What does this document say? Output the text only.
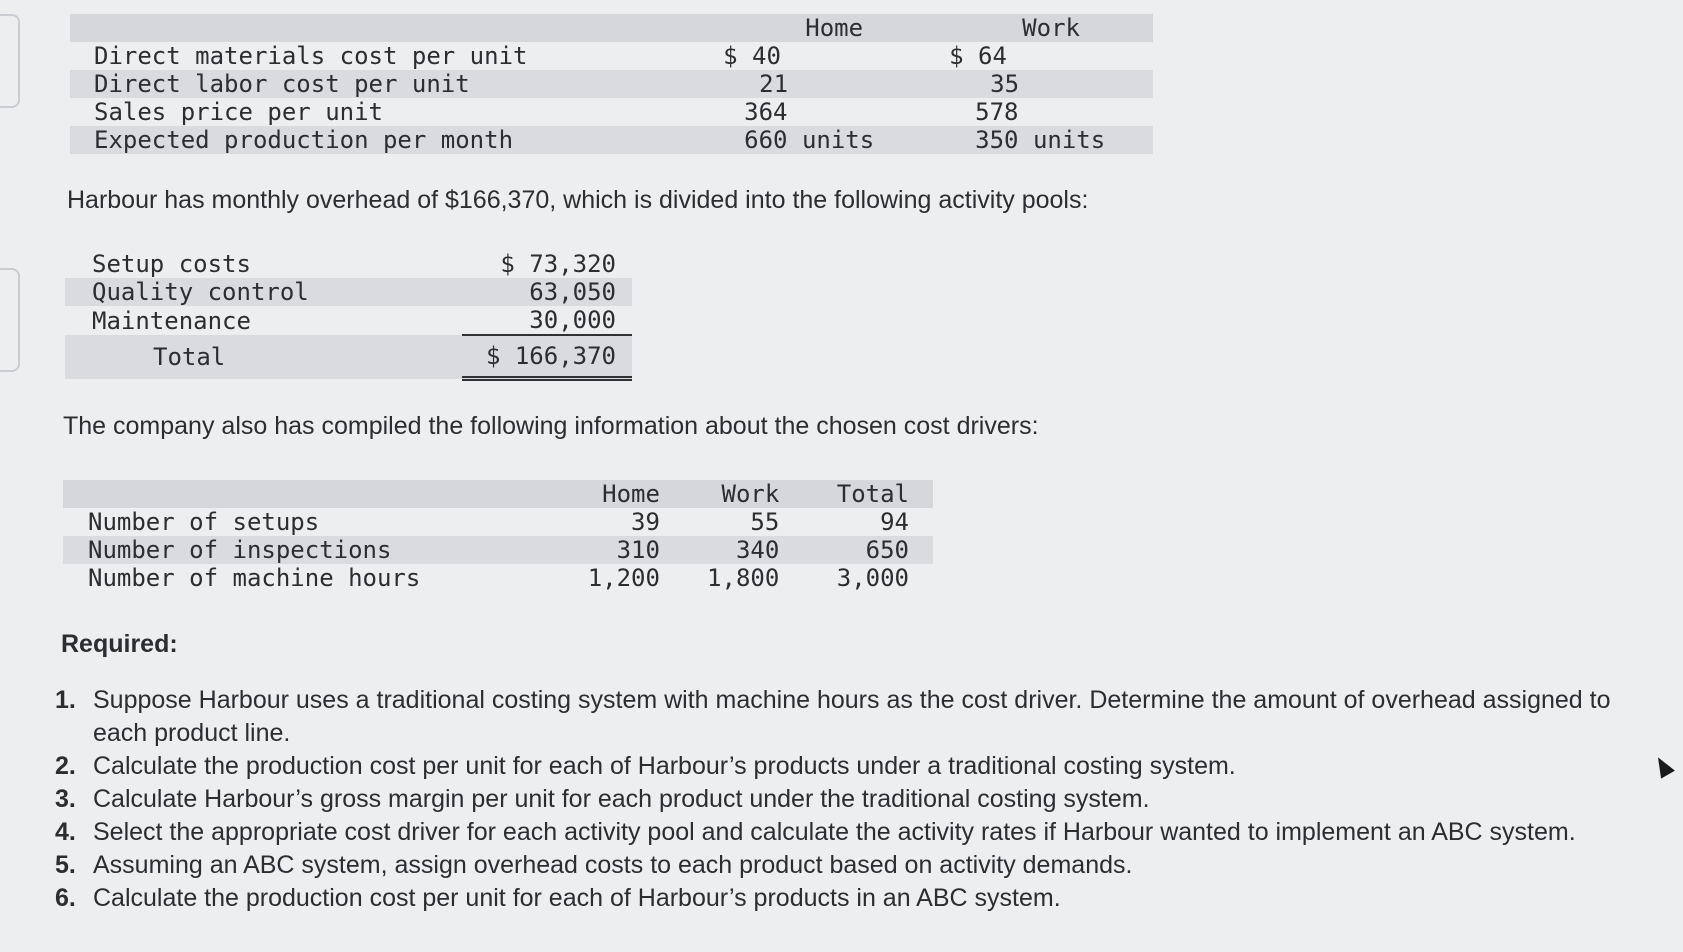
	Home	Work
Direct materials cost per unit	$ 40	$ 64
Direct labor cost per unit	21	35
Sales price per unit	364	578
Expected production per month	660 units	350 units
Harbour has monthly overhead of $166,370, which is divided into the following activity pools:
Setup costs	$ 73,320
Quality control	63,050
Maintenance	30,000
Total	$ 166,370
The company also has compiled the following information about the chosen cost drivers:
	Home	Work	Total
Number of setups	39	55	94
Number of inspections	310	340	650
Number of machine hours	1,200	1,800	3,000
Required:
1. Suppose Harbour uses a traditional costing system with machine hours as the cost driver. Determine the amount of overhead assigned to each product line.
2. Calculate the production cost per unit for each of Harbour’s products under a traditional costing system.
3. Calculate Harbour’s gross margin per unit for each product under the traditional costing system.
4. Select the appropriate cost driver for each activity pool and calculate the activity rates if Harbour wanted to implement an ABC system.
5. Assuming an ABC system, assign overhead costs to each product based on activity demands.
6. Calculate the production cost per unit for each of Harbour’s products in an ABC system.
